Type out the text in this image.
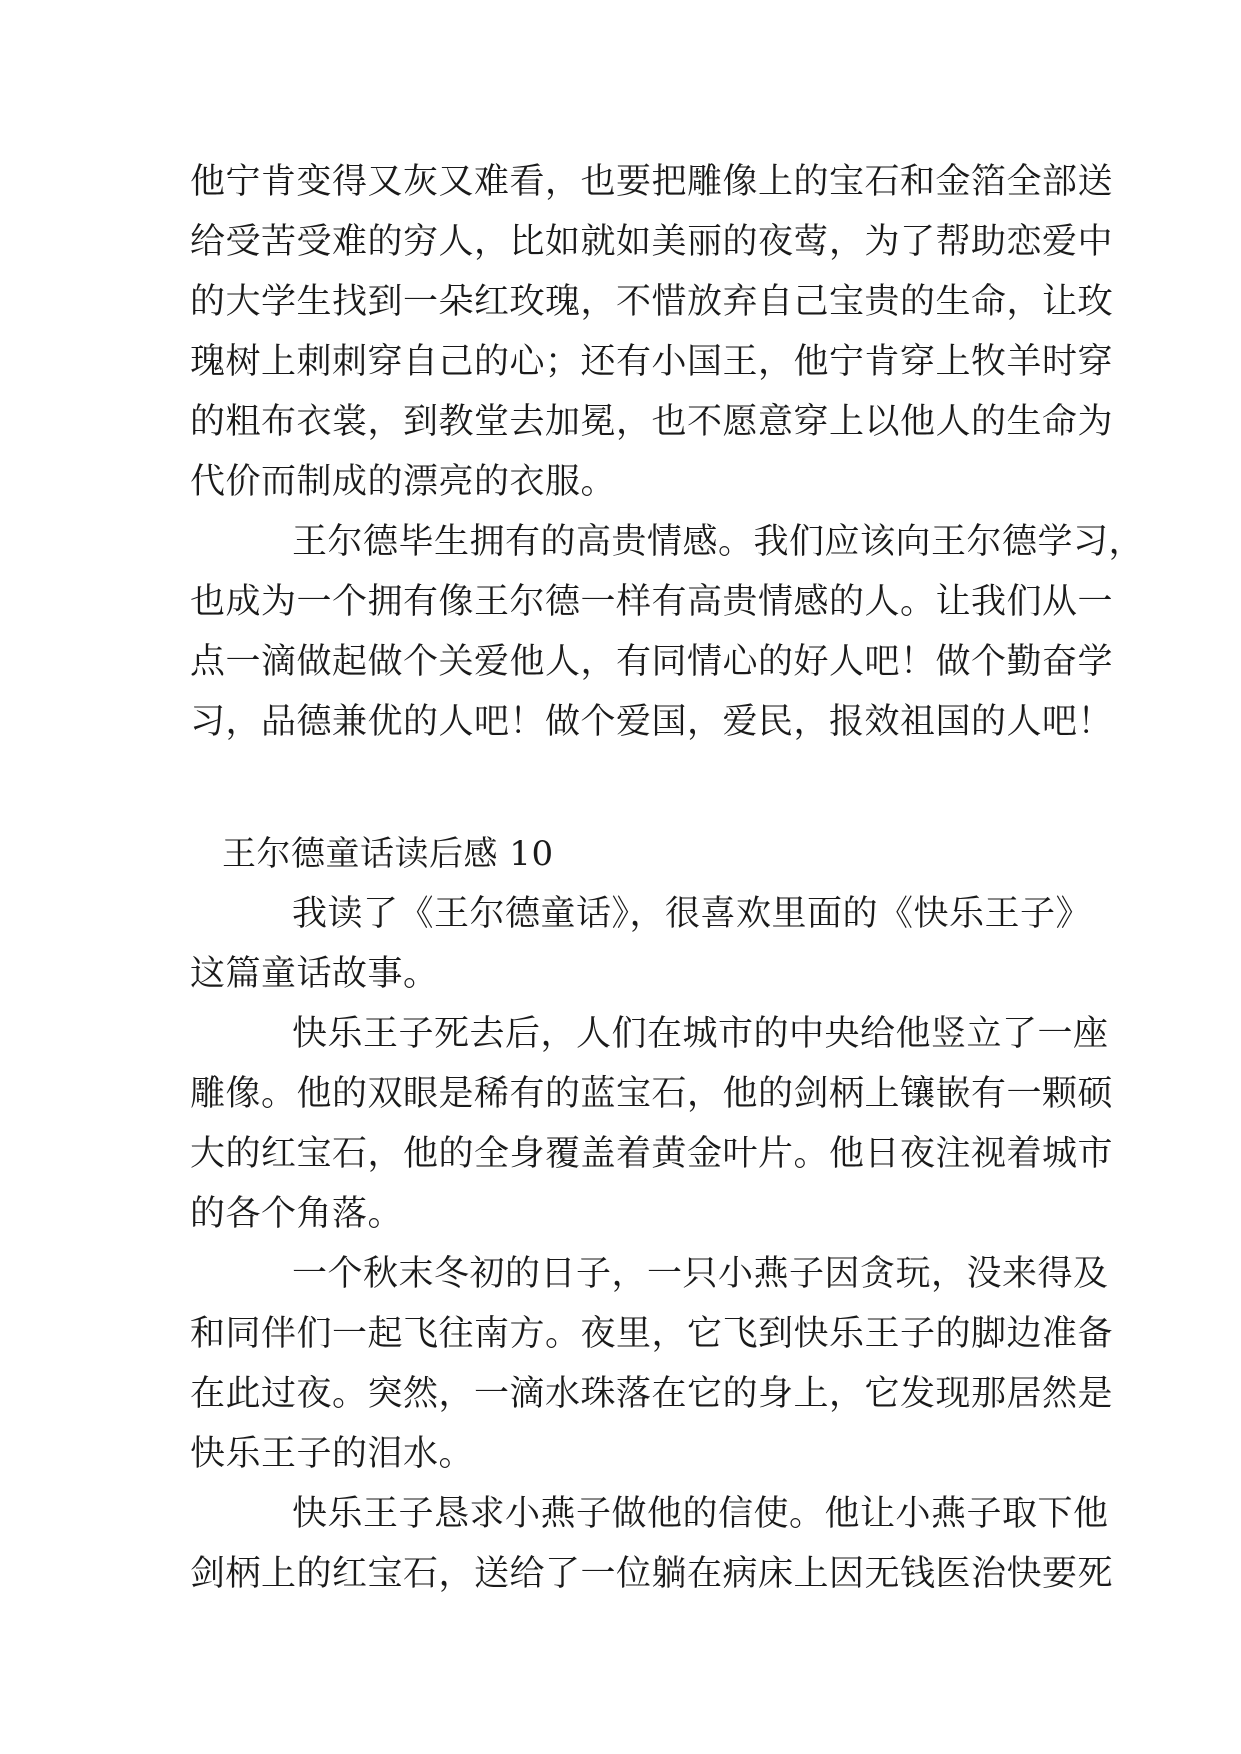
他宁肯变得又灰又难看，也要把雕像上的宝石和金箔全部送
给受苦受难的穷人，比如就如美丽的夜莺，为了帮助恋爱中
的大学生找到一朵红玫瑰，不惜放弃自己宝贵的生命，让玫
瑰树上刺刺穿自己的心；还有小国王，他宁肯穿上牧羊时穿
的粗布衣裳，到教堂去加冕，也不愿意穿上以他人的生命为
代价而制成的漂亮的衣服。
王尔德毕生拥有的高贵情感。我们应该向王尔德学习，
也成为一个拥有像王尔德一样有高贵情感的人。让我们从一
点一滴做起做个关爱他人，有同情心的好人吧！做个勤奋学
习，品德兼优的人吧！做个爱国，爱民，报效祖国的人吧！
王尔德童话读后感 10
我读了《王尔德童话》，很喜欢里面的《快乐王子》
这篇童话故事。
快乐王子死去后，人们在城市的中央给他竖立了一座
雕像。他的双眼是稀有的蓝宝石，他的剑柄上镶嵌有一颗硕
大的红宝石，他的全身覆盖着黄金叶片。他日夜注视着城市
的各个角落。
一个秋末冬初的日子，一只小燕子因贪玩，没来得及
和同伴们一起飞往南方。夜里，它飞到快乐王子的脚边准备
在此过夜。突然，一滴水珠落在它的身上，它发现那居然是
快乐王子的泪水。
快乐王子恳求小燕子做他的信使。他让小燕子取下他
剑柄上的红宝石，送给了一位躺在病床上因无钱医治快要死
